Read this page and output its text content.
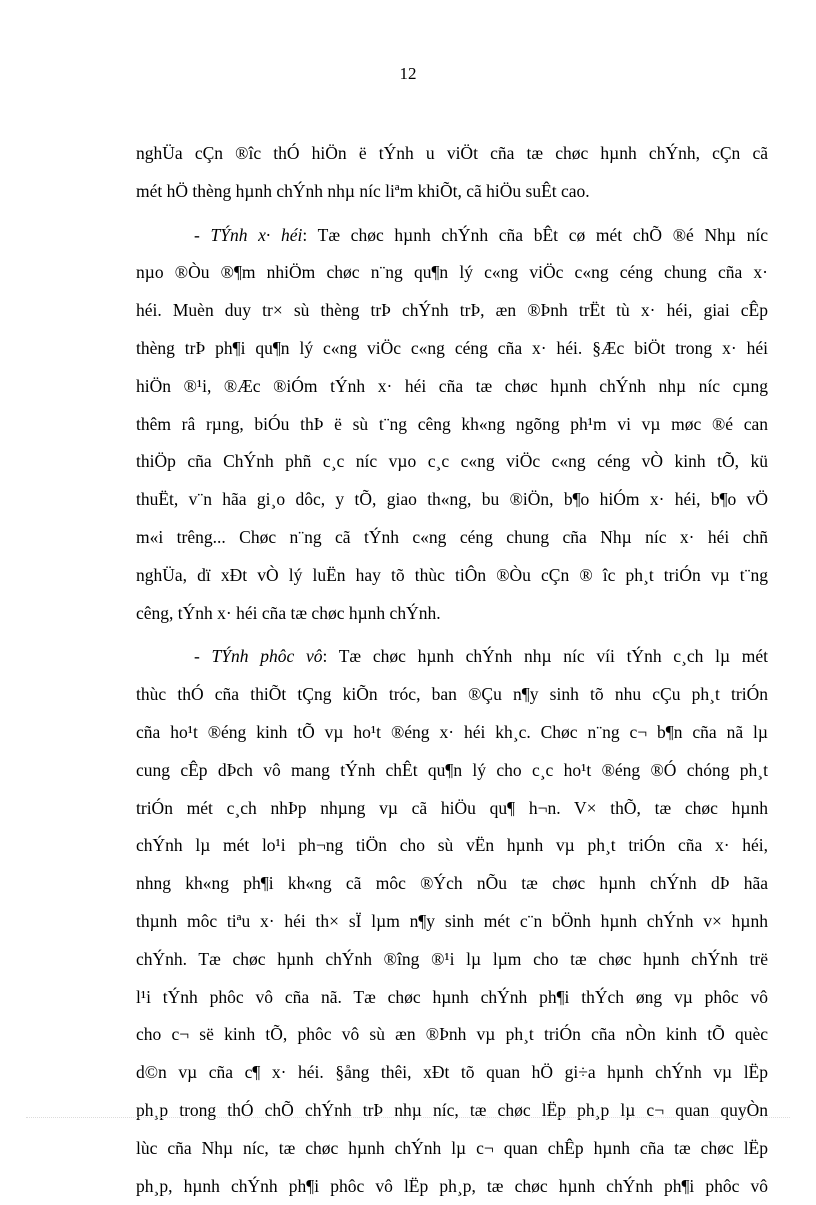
12
nghÜa cÇn ®îc thÓ hiÖn ë tÝnh u viÖt cña tæ chøc hµnh chÝnh, cÇn cã
mét hÖ thèng hµnh chÝnh nhµ níc liªm khiÕt, cã hiÖu suÊt cao.
- TÝnh x· héi: Tæ chøc hµnh chÝnh cña bÊt cø mét chÕ ®é Nhµ níc
nµo ®Òu ®¶m nhiÖm chøc n¨ng qu¶n lý c«ng viÖc c«ng céng chung cña x·
héi. Muèn duy tr× sù thèng trÞ chÝnh trÞ, æn ®Þnh trËt tù x· héi, giai cÊp
thèng trÞ ph¶i qu¶n lý c«ng viÖc c«ng céng cña x· héi. §Æc biÖt trong x· héi
hiÖn ®¹i, ®Æc ®iÓm tÝnh x· héi cña tæ chøc hµnh chÝnh nhµ níc cµng
thêm râ rµng, biÓu thÞ ë sù t¨ng cêng kh«ng ngõng ph¹m vi vµ møc ®é can
thiÖp cña ChÝnh phñ c¸c níc vµo c¸c c«ng viÖc c«ng céng vÒ kinh tÕ, kü
thuËt, v¨n hãa gi¸o dôc, y tÕ, giao th«ng, bu ®iÖn, b¶o hiÓm x· héi, b¶o vÖ
m«i trêng... Chøc n¨ng cã tÝnh c«ng céng chung cña Nhµ níc x· héi chñ
nghÜa, dï xÐt vÒ lý luËn hay tõ thùc tiÔn ®Òu cÇn ® îc ph¸t triÓn vµ t¨ng
cêng, tÝnh x· héi cña tæ chøc hµnh chÝnh.
- TÝnh phôc vô: Tæ chøc hµnh chÝnh nhµ níc víi tÝnh c¸ch lµ mét
thùc thÓ cña thiÕt tÇng kiÕn tróc, ban ®Çu n¶y sinh tõ nhu cÇu ph¸t triÓn
cña ho¹t ®éng kinh tÕ vµ ho¹t ®éng x· héi kh¸c. Chøc n¨ng c¬ b¶n cña nã lµ
cung cÊp dÞch vô mang tÝnh chÊt qu¶n lý cho c¸c ho¹t ®éng ®Ó chóng ph¸t
triÓn mét c¸ch nhÞp nhµng vµ cã hiÖu qu¶ h¬n. V× thÕ, tæ chøc hµnh
chÝnh lµ mét lo¹i ph¬ng tiÖn cho sù vËn hµnh vµ ph¸t triÓn cña x· héi,
nhng kh«ng ph¶i kh«ng cã môc ®Ých nÕu tæ chøc hµnh chÝnh dÞ hãa
thµnh môc tiªu x· héi th× sÏ lµm n¶y sinh mét c¨n bÖnh hµnh chÝnh v× hµnh
chÝnh. Tæ chøc hµnh chÝnh ®îng ®¹i lµ lµm cho tæ chøc hµnh chÝnh trë
l¹i tÝnh phôc vô cña nã. Tæ chøc hµnh chÝnh ph¶i thÝch øng vµ phôc vô
cho c¬ së kinh tÕ, phôc vô sù æn ®Þnh vµ ph¸t triÓn cña nÒn kinh tÕ quèc
d©n vµ cña c¶ x· héi. §ång thêi, xÐt tõ quan hÖ gi÷a hµnh chÝnh vµ lËp
ph¸p trong thÓ chÕ chÝnh trÞ nhµ níc, tæ chøc lËp ph¸p lµ c¬ quan quyÒn
lùc cña Nhµ níc, tæ chøc hµnh chÝnh lµ c¬ quan chÊp hµnh cña tæ chøc lËp
ph¸p, hµnh chÝnh ph¶i phôc vô lËp ph¸p, tæ chøc hµnh chÝnh ph¶i phôc vô
